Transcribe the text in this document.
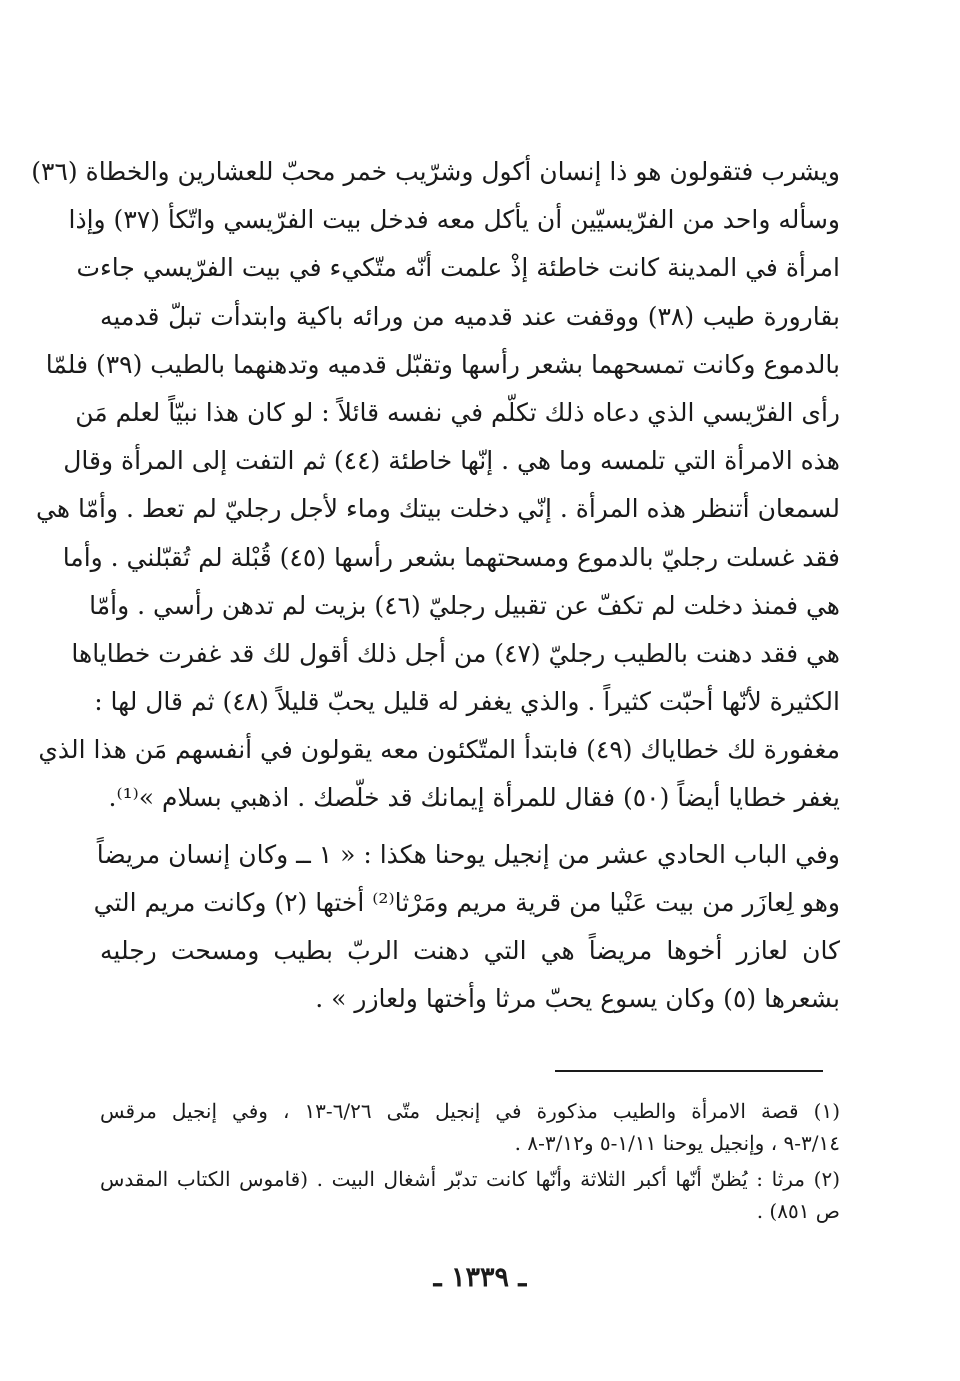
ويشرب فتقولون هو ذا إنسان أكول وشرّيب خمر محبّ للعشارين والخطاة (٣٦)
وسأله واحد من الفرّيسيّين أن يأكل معه فدخل بيت الفرّيسي واتّكأ (٣٧) وإذا
امرأة في المدينة كانت خاطئة إذْ علمت أنّه متّكيء في بيت الفرّيسي جاءت
بقارورة طيب (٣٨) ووقفت عند قدميه من ورائه باكية وابتدأت تبلّ قدميه
بالدموع وكانت تمسحهما بشعر رأسها وتقبّل قدميه وتدهنهما بالطيب (٣٩) فلمّا
رأى الفرّيسي الذي دعاه ذلك تكلّم في نفسه قائلاً : لو كان هذا نبيّاً لعلم مَن
هذه الامرأة التي تلمسه وما هي . إنّها خاطئة (٤٤) ثم التفت إلى المرأة وقال
لسمعان أتنظر هذه المرأة . إنّي دخلت بيتك وماء لأجل رجليّ لم تعط . وأمّا هي
فقد غسلت رجليّ بالدموع ومسحتهما بشعر رأسها (٤٥) قُبْلة لم تُقبّلني . وأما
هي فمنذ دخلت لم تكفّ عن تقبيل رجليّ (٤٦) بزيت لم تدهن رأسي . وأمّا
هي فقد دهنت بالطيب رجليّ (٤٧) من أجل ذلك أقول لك قد غفرت خطاياها
الكثيرة لأنّها أحبّت كثيراً . والذي يغفر له قليل يحبّ قليلاً (٤٨) ثم قال لها :
مغفورة لك خطاياك (٤٩) فابتدأ المتّكئون معه يقولون في أنفسهم مَن هذا الذي
يغفر خطايا أيضاً (٥٠) فقال للمرأة إيمانك قد خلّصك . اذهبي بسلام »⁽¹⁾.
وفي الباب الحادي عشر من إنجيل يوحنا هكذا : « ١ ــ وكان إنسان مريضاً
وهو لِعازَر من بيت عَنْيا من قرية مريم ومَرْثا⁽²⁾ أختها (٢) وكانت مريم التي
كان لعازر أخوها مريضاً هي التي دهنت الربّ بطيب ومسحت رجليه
بشعرها (٥) وكان يسوع يحبّ مرثا وأختها ولعازر » .
(١) قصة الامرأة والطيب مذكورة في إنجيل متّى ٦/٢٦-١٣ ، وفي إنجيل مرقس
٣/١٤-٩ ، وإنجيل يوحنا ١/١١-٥ و٣/١٢-٨ .
(٢) مرثا : يُظنّ أنّها أكبر الثلاثة وأنّها كانت تدبّر أشغال البيت . (قاموس الكتاب المقدس
ص ٨٥١) .
ـ ١٣٣٩ ـ
